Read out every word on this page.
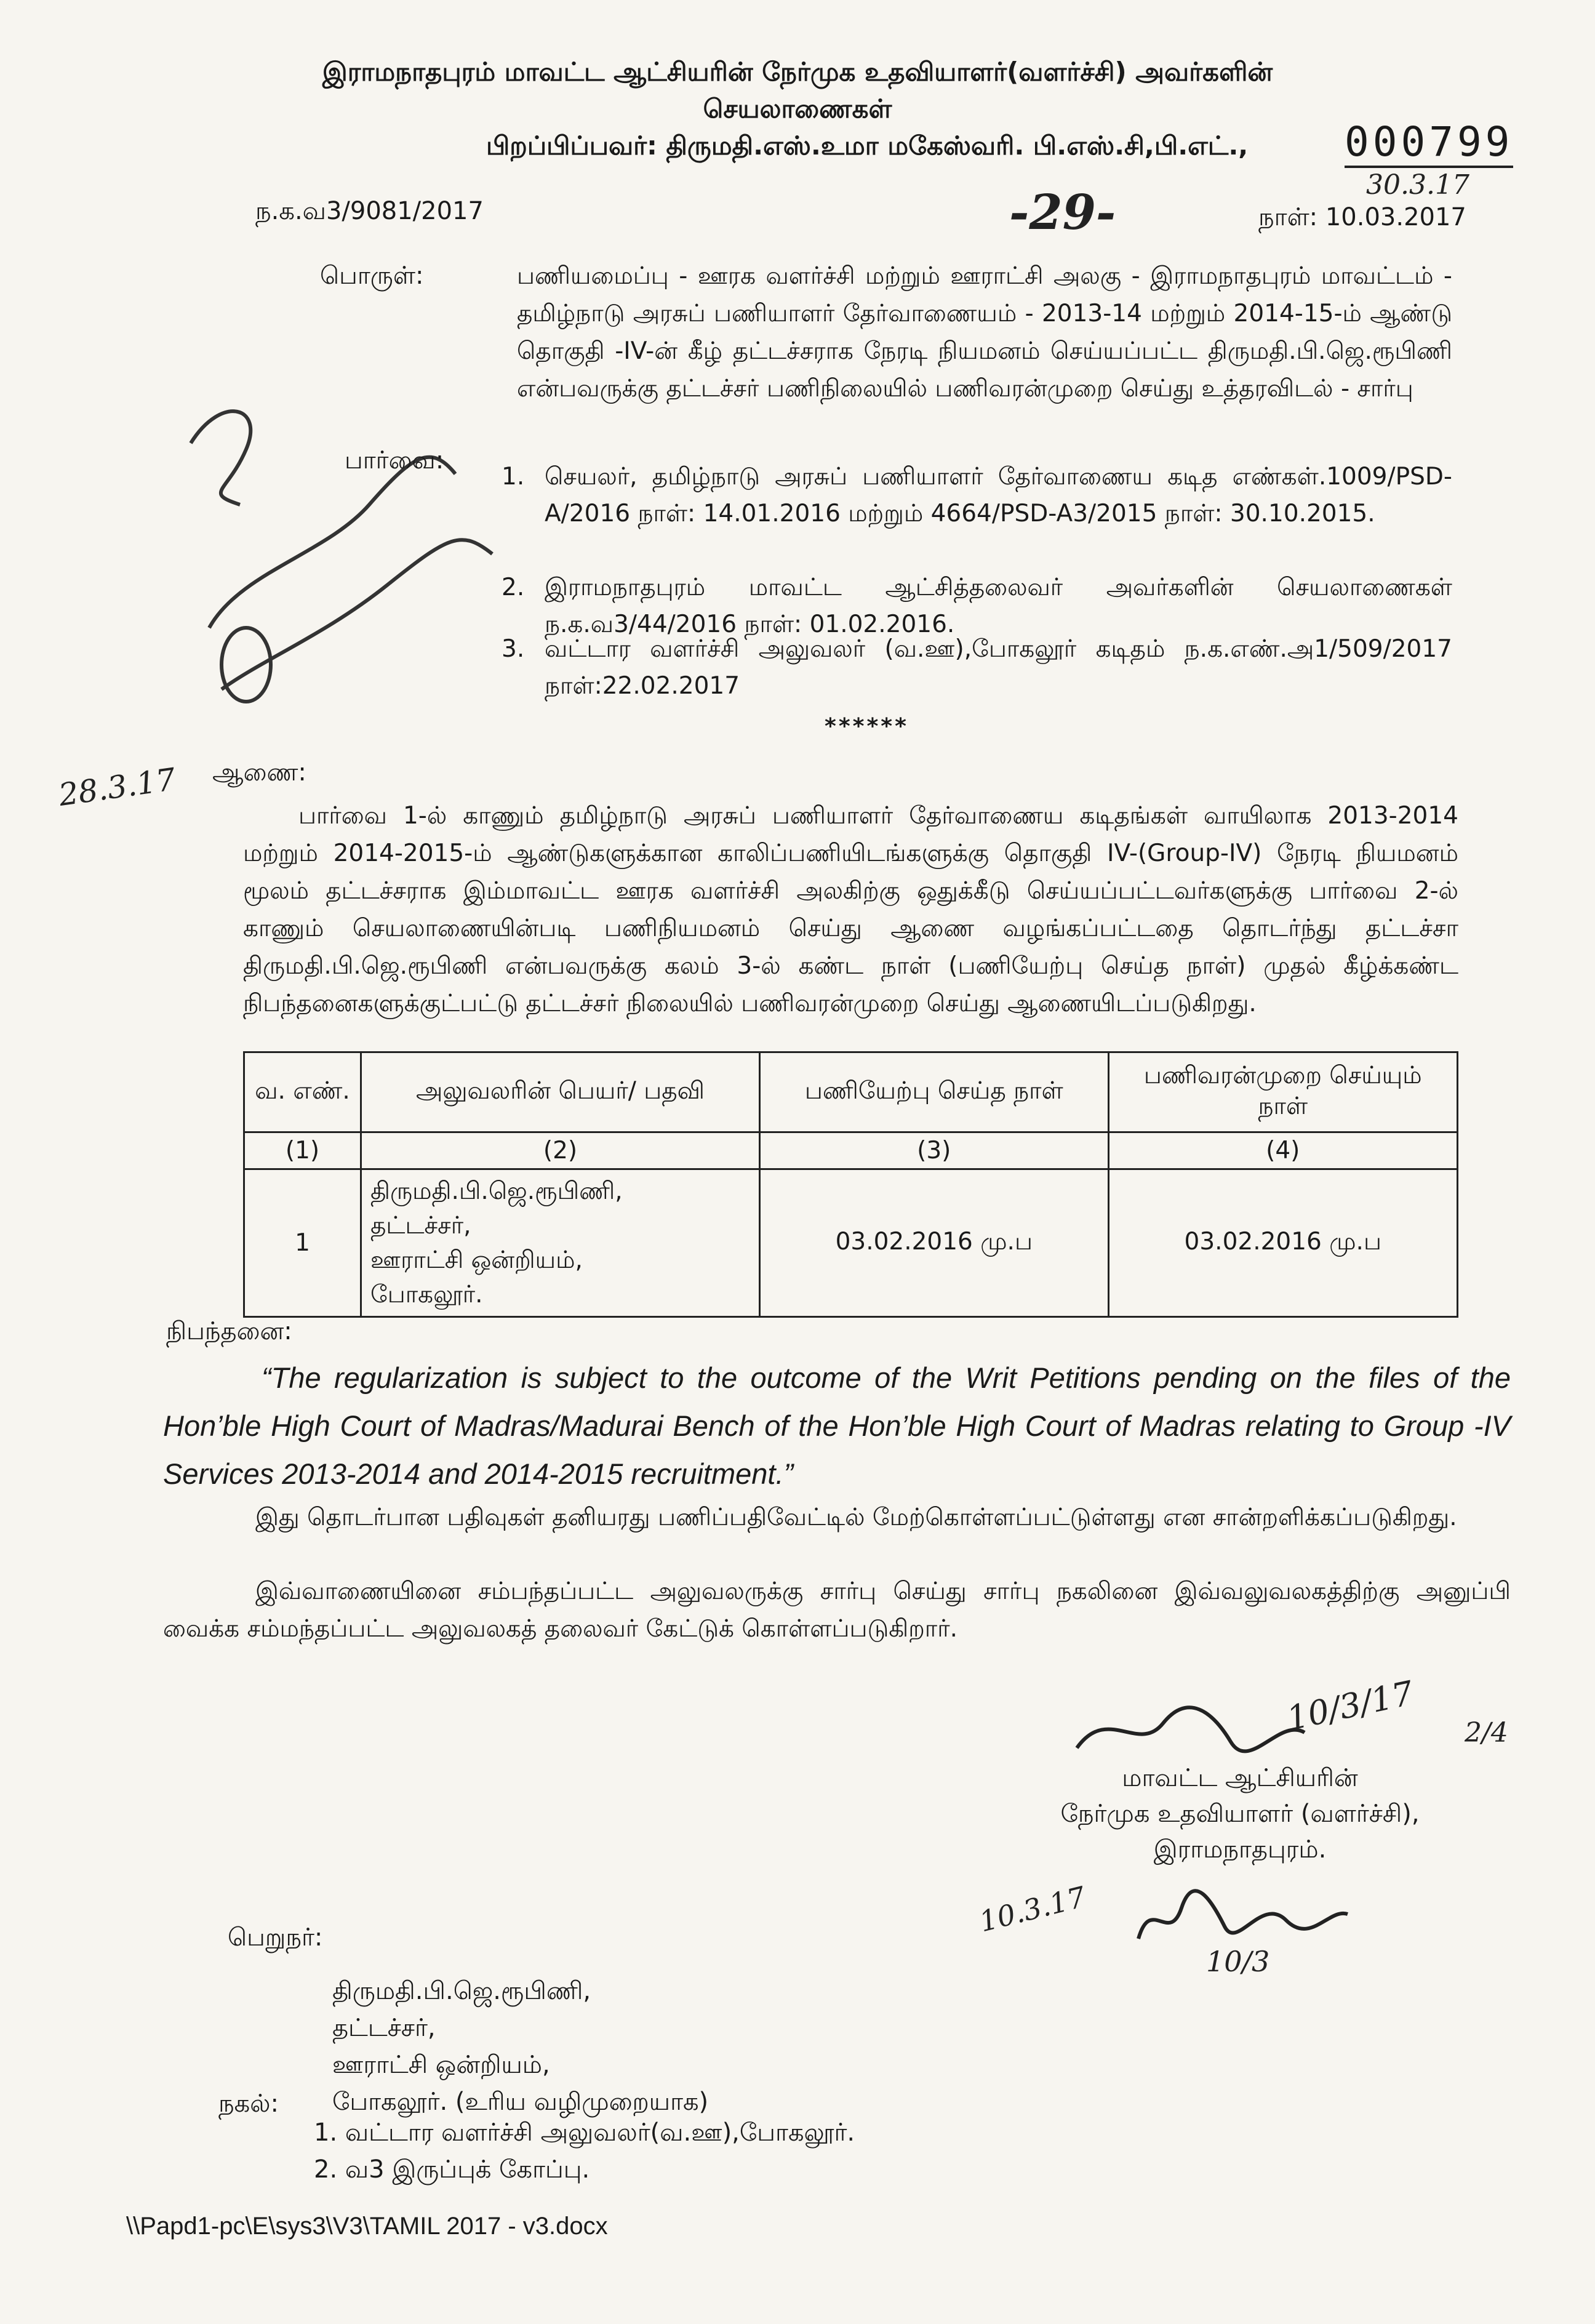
இராமநாதபுரம் மாவட்ட ஆட்சியரின் நேர்முக உதவியாளர்(வளர்ச்சி) அவர்களின்
செயலாணைகள்
பிறப்பிப்பவர்: திருமதி.எஸ்.உமா மகேஸ்வரி. பி.எஸ்.சி,பி.எட்., 000799
30.3.17
ந.க.வ3/9081/2017	-29-	நாள்: 10.03.2017
பொருள்:	பணியமைப்பு - ஊரக வளர்ச்சி மற்றும் ஊராட்சி அலகு - இராமநாதபுரம் மாவட்டம் - தமிழ்நாடு அரசுப் பணியாளர் தேர்வாணையம் - 2013-14 மற்றும் 2014-15-ம் ஆண்டு தொகுதி -IV-ன் கீழ் தட்டச்சராக நேரடி நியமனம் செய்யப்பட்ட திருமதி.பி.ஜெ.ரூபிணி என்பவருக்கு தட்டச்சர் பணிநிலையில் பணிவரன்முறை செய்து உத்தரவிடல் - சார்பு
பார்வை:
1. செயலர், தமிழ்நாடு அரசுப் பணியாளர் தேர்வாணைய கடித எண்கள்.1009/PSD-A/2016 நாள்: 14.01.2016 மற்றும் 4664/PSD-A3/2015 நாள்: 30.10.2015.
2. இராமநாதபுரம் மாவட்ட ஆட்சித்தலைவர் அவர்களின் செயலாணைகள் ந.க.வ3/44/2016 நாள்: 01.02.2016.
3. வட்டார வளர்ச்சி அலுவலர் (வ.ஊ),போகலூர் கடிதம் ந.க.எண்.அ1/509/2017 நாள்:22.02.2017
******
28.3.17 ஆணை:
பார்வை 1-ல் காணும் தமிழ்நாடு அரசுப் பணியாளர் தேர்வாணைய கடிதங்கள் வாயிலாக 2013-2014 மற்றும் 2014-2015-ம் ஆண்டுகளுக்கான காலிப்பணியிடங்களுக்கு தொகுதி IV-(Group-IV) நேரடி நியமனம் மூலம் தட்டச்சராக இம்மாவட்ட ஊரக வளர்ச்சி அலகிற்கு ஒதுக்கீடு செய்யப்பட்டவர்களுக்கு பார்வை 2-ல் காணும் செயலாணையின்படி பணிநியமனம் செய்து ஆணை வழங்கப்பட்டதை தொடர்ந்து தட்டச்சா திருமதி.பி.ஜெ.ரூபிணி என்பவருக்கு கலம் 3-ல் கண்ட நாள் (பணியேற்பு செய்த நாள்) முதல் கீழ்க்கண்ட நிபந்தனைகளுக்குட்பட்டு தட்டச்சர் நிலையில் பணிவரன்முறை செய்து ஆணையிடப்படுகிறது.
வ. எண்.	அலுவலரின் பெயர்/ பதவி	பணியேற்பு செய்த நாள்	பணிவரன்முறை செய்யும் நாள்
(1)	(2)	(3)	(4)
1	திருமதி.பி.ஜெ.ரூபிணி,
தட்டச்சர்,
ஊராட்சி ஒன்றியம்,
போகலூர்.	03.02.2016 மு.ப	03.02.2016 மு.ப
நிபந்தனை:
“The regularization is subject to the outcome of the Writ Petitions pending on the files of the Hon’ble High Court of Madras/Madurai Bench of the Hon’ble High Court of Madras relating to Group -IV Services 2013-2014 and 2014-2015 recruitment.”
இது தொடர்பான பதிவுகள் தனியரது பணிப்பதிவேட்டில் மேற்கொள்ளப்பட்டுள்ளது என சான்றளிக்கப்படுகிறது.
இவ்வாணையினை சம்பந்தப்பட்ட அலுவலருக்கு சார்பு செய்து சார்பு நகலினை இவ்வலுவலகத்திற்கு அனுப்பி வைக்க சம்மந்தப்பட்ட அலுவலகத் தலைவர் கேட்டுக் கொள்ளப்படுகிறார்.
10/3/17 2/4
மாவட்ட ஆட்சியரின்
நேர்முக உதவியாளர் (வளர்ச்சி),
இராமநாதபுரம்.
10.3.17
10/3
பெறுநர்:
திருமதி.பி.ஜெ.ரூபிணி,
தட்டச்சர்,
ஊராட்சி ஒன்றியம்,
போகலூர். (உரிய வழிமுறையாக)
நகல்:
1. வட்டார வளர்ச்சி அலுவலர்(வ.ஊ),போகலூர்.
2. வ3 இருப்புக் கோப்பு.
\\Papd1-pc\E\sys3\V3\TAMIL 2017 - v3.docx
